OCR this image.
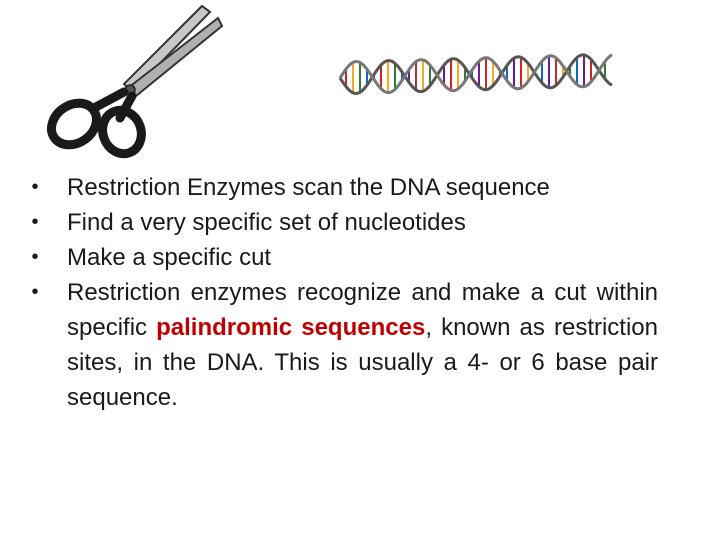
• Restriction Enzymes scan the DNA sequence
• Find a very specific set of nucleotides
• Make a specific cut
• Restriction enzymes recognize and make a cut within specific palindromic sequences, known as restriction sites, in the DNA. This is usually a 4- or 6 base pair sequence.
